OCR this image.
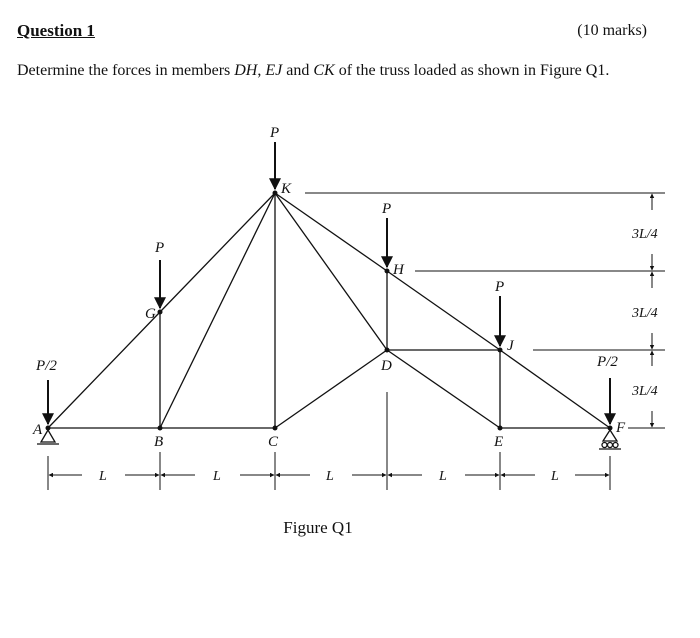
Question 1	(10 marks)
Determine the forces in members DH, EJ and CK of the truss loaded as shown in Figure Q1.
P/2
P
P
P
P
P/2
A
B	C
D
E
F
G
H
J
K
3L/4
3L/4
3L/4
L	L	L	L	L
Figure Q1
